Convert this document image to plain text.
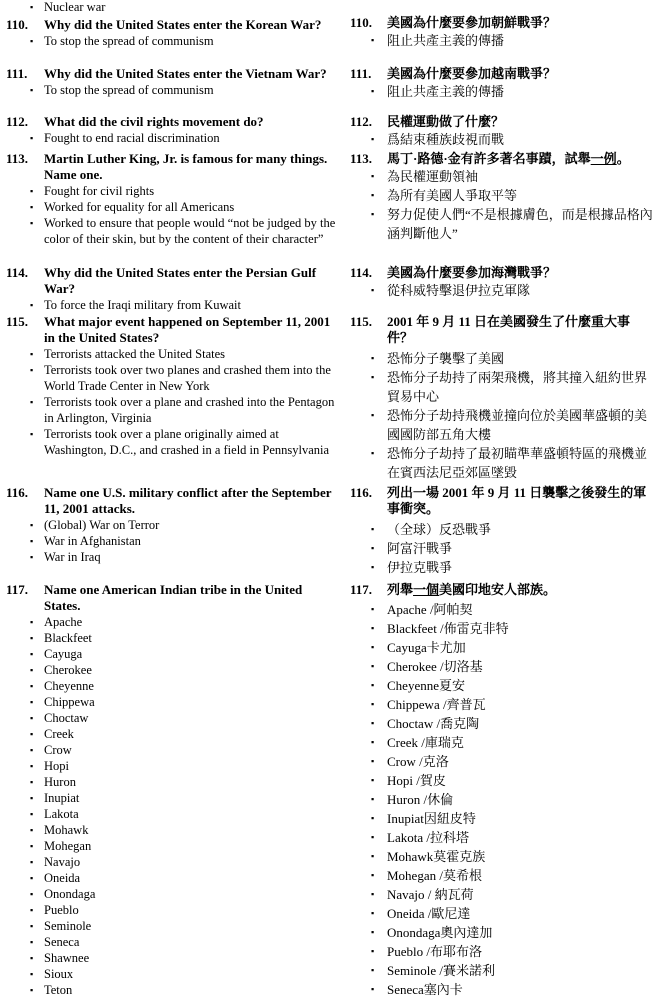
▪ Nuclear war
110.	Why did the United States enter the Korean War?
▪ To stop the spread of communism
111.	Why did the United States enter the Vietnam War?
▪ To stop the spread of communism
112.	What did the civil rights movement do?
▪ Fought to end racial discrimination
113.	Martin Luther King, Jr. is famous for many things. Name one.
▪ Fought for civil rights
▪ Worked for equality for all Americans
▪ Worked to ensure that people would “not be judged by the color of their skin, but by the content of their character”
114.	Why did the United States enter the Persian Gulf War?
▪ To force the Iraqi military from Kuwait
115.	What major event happened on September 11, 2001 in the United States?
▪ Terrorists attacked the United States
▪ Terrorists took over two planes and crashed them into the World Trade Center in New York
▪ Terrorists took over a plane and crashed into the Pentagon in Arlington, Virginia
▪ Terrorists took over a plane originally aimed at Washington, D.C., and crashed in a field in Pennsylvania
116.	Name one U.S. military conflict after the September 11, 2001 attacks.
▪ (Global) War on Terror
▪ War in Afghanistan
▪ War in Iraq
117.	Name one American Indian tribe in the United States.
▪ Apache
▪ Blackfeet
▪ Cayuga
▪ Cherokee
▪ Cheyenne
▪ Chippewa
▪ Choctaw
▪ Creek
▪ Crow
▪ Hopi
▪ Huron
▪ Inupiat
▪ Lakota
▪ Mohawk
▪ Mohegan
▪ Navajo
▪ Oneida
▪ Onondaga
▪ Pueblo
▪ Seminole
▪ Seneca
▪ Shawnee
▪ Sioux
▪ Teton
110.	美國為什麼要參加朝鮮戰爭？
▪ 阻止共產主義的傳播
111.	美國為什麼要參加越南戰爭？
▪ 阻止共產主義的傳播
112.	民權運動做了什麼？
▪ 爲結束種族歧視而戰
113.	馬丁·路德·金有許多著名事蹟，試舉一例。
▪ 為民權運動領袖
▪ 為所有美國人爭取平等
▪ 努力促使人們“不是根據膚色，而是根據品格內涵判斷他人”
114.	美國為什麼要參加海灣戰爭？
▪ 從科威特擊退伊拉克軍隊
115.	2001 年 9 月 11 日在美國發生了什麼重大事件？
▪ 恐怖分子襲擊了美國
▪ 恐怖分子劫持了兩架飛機，將其撞入紐約世界貿易中心
▪ 恐怖分子劫持飛機並撞向位於美國華盛頓的美國國防部五角大樓
▪ 恐怖分子劫持了最初瞄準華盛頓特區的飛機並在賓西法尼亞郊區墜毀
116.	列出一場 2001 年 9 月 11 日襲擊之後發生的軍事衝突。
▪ （全球）反恐戰爭
▪ 阿富汗戰爭
▪ 伊拉克戰爭
117.	列舉一個美國印地安人部族。
▪ Apache /阿帕契
▪ Blackfeet /佈雷克非特
▪ Cayuga卡尤加
▪ Cherokee /切洛基
▪ Cheyenne夏安
▪ Chippewa /齊普瓦
▪ Choctaw /喬克陶
▪ Creek /庫瑞克
▪ Crow /克洛
▪ Hopi /賀皮
▪ Huron /休倫
▪ Inupiat因紐皮特
▪ Lakota /拉科塔
▪ Mohawk莫霍克族
▪ Mohegan /莫希根
▪ Navajo / 納瓦荷
▪ Oneida /歐尼達
▪ Onondaga奧內達加
▪ Pueblo /布耶布洛
▪ Seminole /賽米諾利
▪ Seneca塞內卡
